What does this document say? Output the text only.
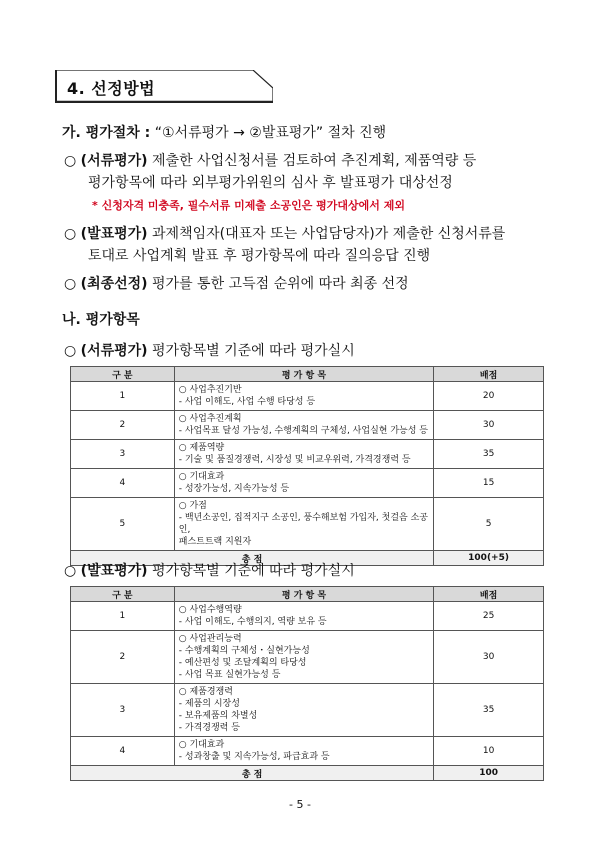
4. 선정방법
가. 평가절차 : “①서류평가 → ②발표평가” 절차 진행
○ (서류평가) 제출한 사업신청서를 검토하여 추진계획, 제품역량 등
평가항목에 따라 외부평가위원의 심사 후 발표평가 대상선정
* 신청자격 미충족, 필수서류 미제출 소공인은 평가대상에서 제외
○ (발표평가) 과제책임자(대표자 또는 사업담당자)가 제출한 신청서류를
토대로 사업계획 발표 후 평가항목에 따라 질의응답 진행
○ (최종선정) 평가를 통한 고득점 순위에 따라 최종 선정
나. 평가항목
○ (서류평가) 평가항목별 기준에 따라 평가실시
구 분	평 가 항 목	배점
1	○ 사업추진기반
- 사업 이해도, 사업 수행 타당성 등	20
2	○ 사업추진계획
- 사업목표 달성 가능성, 수행계획의 구체성, 사업실현 가능성 등	30
3	○ 제품역량
- 기술 및 품질경쟁력, 시장성 및 비교우위력, 가격경쟁력 등	35
4	○ 기대효과
- 성장가능성, 지속가능성 등	15
5	○ 가점
- 백년소공인, 집적지구 소공인, 풍수해보험 가입자, 첫걸음 소공인,
패스트트랙 지원자	5
총 점		100(+5)
○ (발표평가) 평가항목별 기준에 따라 평가실시
구 분	평 가 항 목	배점
1	○ 사업수행역량
- 사업 이해도, 수행의지, 역량 보유 등	25
2	○ 사업관리능력
- 수행계획의 구체성・실현가능성
- 예산편성 및 조달계획의 타당성
- 사업 목표 실현가능성 등	30
3	○ 제품경쟁력
- 제품의 시장성
- 보유제품의 차별성
- 가격경쟁력 등	35
4	○ 기대효과
- 성과창출 및 지속가능성, 파급효과 등	10
총 점		100
- 5 -
